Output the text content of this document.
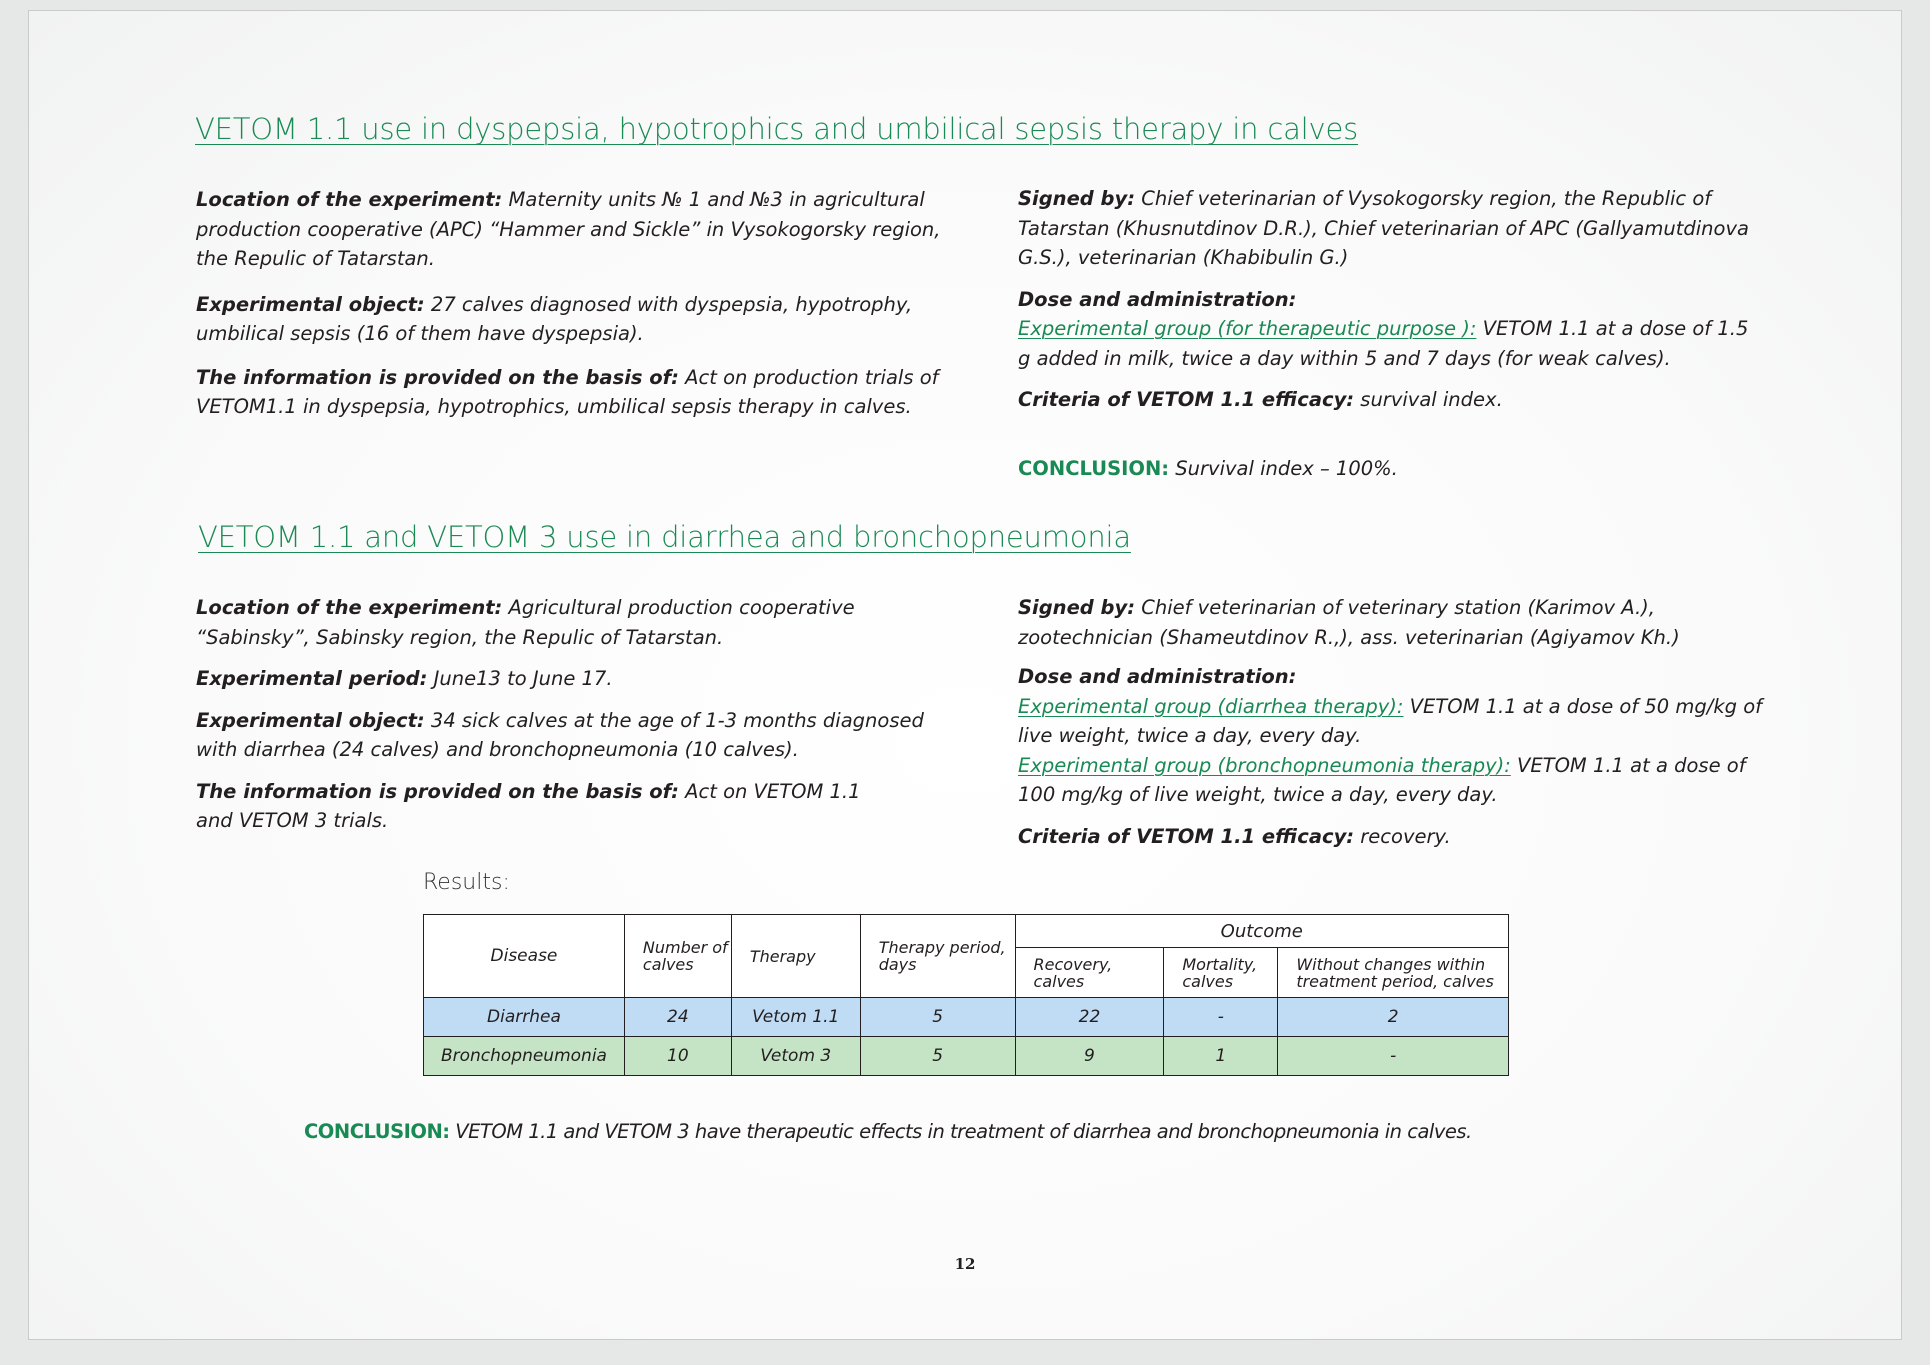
VETOM 1.1 use in dyspepsia, hypotrophics and umbilical sepsis therapy in calves

Location of the experiment: Maternity units № 1 and №3 in agricultural production cooperative (APC) “Hammer and Sickle” in Vysokogorsky region, the Repulic of Tatarstan.

Experimental object: 27 calves diagnosed with dyspepsia, hypotrophy, umbilical sepsis (16 of them have dyspepsia).

The information is provided on the basis of: Act on production trials of VETOM1.1 in dyspepsia, hypotrophics, umbilical sepsis therapy in calves.

Signed by: Chief veterinarian of Vysokogorsky region, the Republic of Tatarstan (Khusnutdinov D.R.), Chief veterinarian of APC (Gallyamutdinova G.S.), veterinarian (Khabibulin G.)

Dose and administration:

Experimental group (for therapeutic purpose ): VETOM 1.1 at a dose of 1.5 g added in milk, twice a day within 5 and 7 days (for weak calves).

Criteria of VETOM 1.1 efficacy: survival index.

CONCLUSION: Survival index – 100%.

VETOM 1.1 and VETOM 3 use in diarrhea and bronchopneumonia

Location of the experiment: Agricultural production cooperative “Sabinsky”, Sabinsky region, the Repulic of Tatarstan.

Experimental period: June13 to June 17.

Experimental object: 34 sick calves at the age of 1-3 months diagnosed with diarrhea (24 calves) and bronchopneumonia (10 calves).

The information is provided on the basis of: Act on VETOM 1.1
and VETOM 3 trials.

Signed by: Chief veterinarian of veterinary station (Karimov A.), zootechnician (Shameutdinov R.,), ass. veterinarian (Agiyamov Kh.)

Dose and administration:

Experimental group (diarrhea therapy): VETOM 1.1 at a dose of 50 mg/kg of live weight, twice a day, every day.

Experimental group (bronchopneumonia therapy): VETOM 1.1 at a dose of 100 mg/kg of live weight, twice a day, every day.

Criteria of VETOM 1.1 efficacy: recovery.

Results:
Disease	Number of calves	Therapy	Therapy period, days	Outcome		
				Recovery, calves	Mortality, calves	Without changes within treatment period, calves
Diarrhea	24	Vetom 1.1	5	22	-	2
Bronchopneumonia	10	Vetom 3	5	9	1	-
CONCLUSION: VETOM 1.1 and VETOM 3 have therapeutic effects in treatment of diarrhea and bronchopneumonia in calves.
12
